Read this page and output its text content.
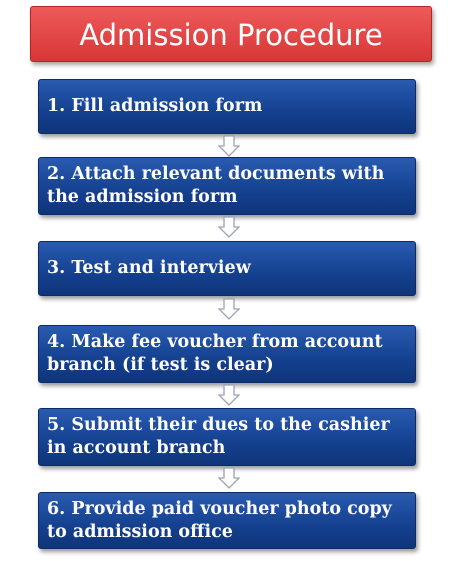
Admission Procedure
1. Fill admission form
2. Attach relevant documents with the admission form
3. Test and interview
4. Make fee voucher from account branch (if test is clear)
5. Submit their dues to the cashier in account branch
6. Provide paid voucher photo copy to admission office
